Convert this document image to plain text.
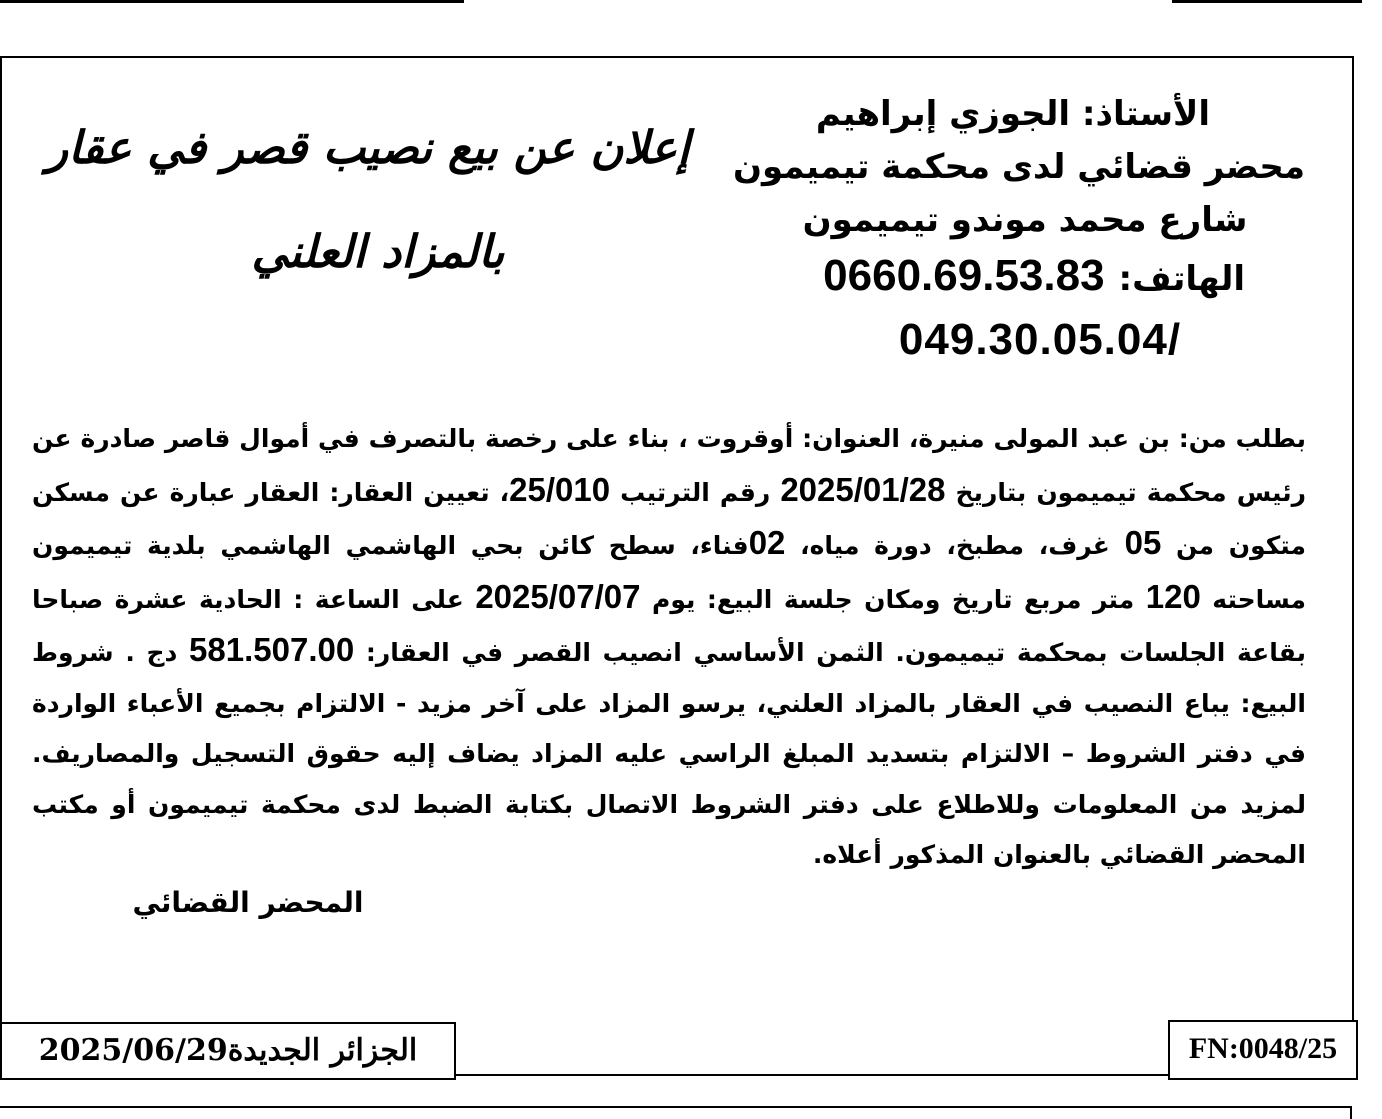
الأستاذ: الجوزي إبراهيم
محضر قضائي لدى محكمة تيميمون
شارع محمد موندو تيميمون
الهاتف: 0660.69.53.83
049.30.05.04/
إعلان عن بيع نصيب قصر في عقار
بالمزاد العلني
بطلب من: بن عبد المولى منيرة، العنوان: أوقروت ، بناء على رخصة بالتصرف في أموال قاصر صادرة عن رئيس محكمة تيميمون بتاريخ 2025/01/28 رقم الترتيب 25/010، تعيين العقار: العقار عبارة عن مسكن متكون من 05 غرف، مطبخ، دورة مياه، 02فناء، سطح كائن بحي الهاشمي الهاشمي بلدية تيميمون مساحته 120 متر مربع تاريخ ومكان جلسة البيع: يوم 2025/07/07 على الساعة : الحادية عشرة صباحا بقاعة الجلسات بمحكمة تيميمون. الثمن الأساسي انصيب القصر في العقار: 581.507.00 دج . شروط البيع: يباع النصيب في العقار بالمزاد العلني، يرسو المزاد على آخر مزيد - الالتزام بجميع الأعباء الواردة في دفتر الشروط – الالتزام بتسديد المبلغ الراسي عليه المزاد يضاف إليه حقوق التسجيل والمصاريف. لمزيد من المعلومات وللاطلاع على دفتر الشروط الاتصال بكتابة الضبط لدى محكمة تيميمون أو مكتب المحضر القضائي بالعنوان المذكور أعلاه.
المحضر القضائي
الجزائر الجديدة2025/06/29	FN:0048/25
